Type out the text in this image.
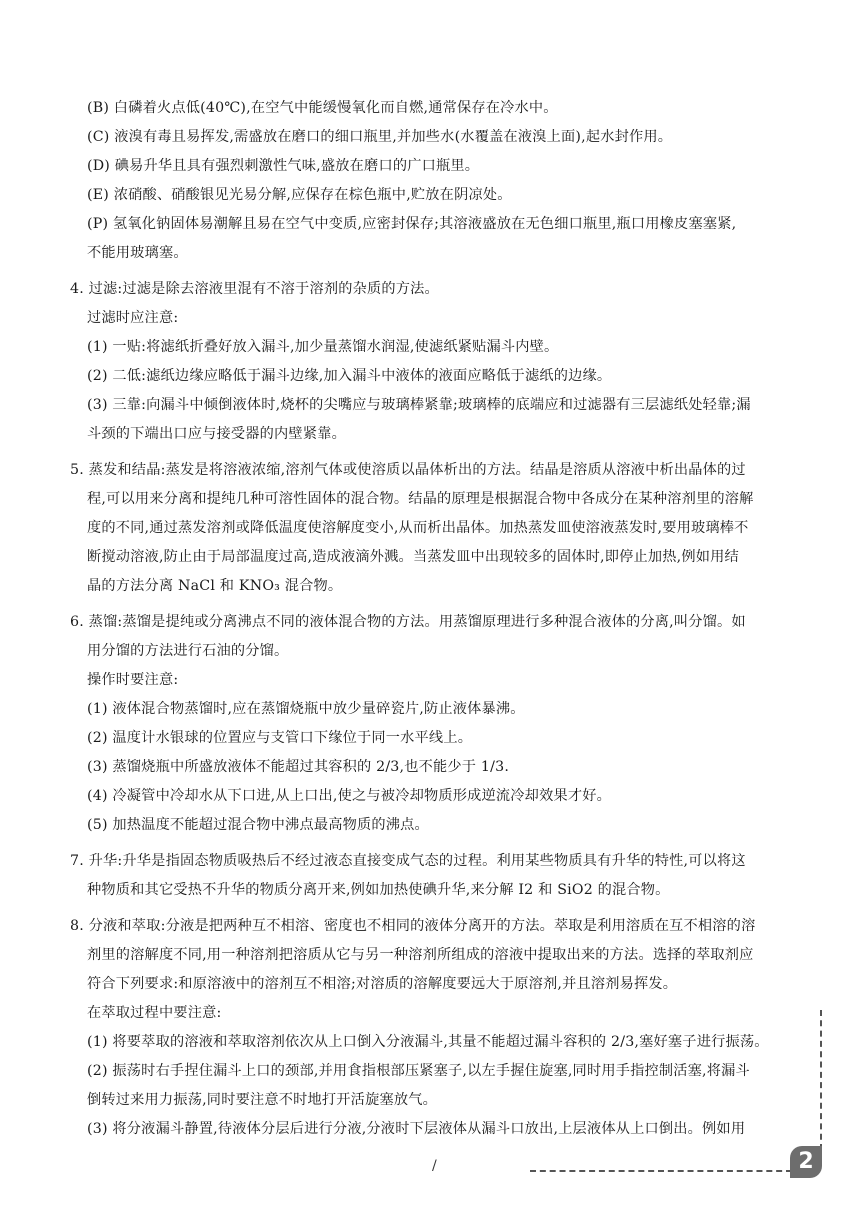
(B) 白磷着火点低(40℃),在空气中能缓慢氧化而自燃,通常保存在冷水中。
(C) 液溴有毒且易挥发,需盛放在磨口的细口瓶里,并加些水(水覆盖在液溴上面),起水封作用。
(D) 碘易升华且具有强烈刺激性气味,盛放在磨口的广口瓶里。
(E) 浓硝酸、硝酸银见光易分解,应保存在棕色瓶中,贮放在阴凉处。
(P) 氢氧化钠固体易潮解且易在空气中变质,应密封保存;其溶液盛放在无色细口瓶里,瓶口用橡皮塞塞紧,
不能用玻璃塞。
4. 过滤:过滤是除去溶液里混有不溶于溶剂的杂质的方法。
过滤时应注意:
(1) 一贴:将滤纸折叠好放入漏斗,加少量蒸馏水润湿,使滤纸紧贴漏斗内壁。
(2) 二低:滤纸边缘应略低于漏斗边缘,加入漏斗中液体的液面应略低于滤纸的边缘。
(3) 三靠:向漏斗中倾倒液体时,烧杯的尖嘴应与玻璃棒紧靠;玻璃棒的底端应和过滤器有三层滤纸处轻靠;漏
斗颈的下端出口应与接受器的内壁紧靠。
5. 蒸发和结晶:蒸发是将溶液浓缩,溶剂气体或使溶质以晶体析出的方法。结晶是溶质从溶液中析出晶体的过
程,可以用来分离和提纯几种可溶性固体的混合物。结晶的原理是根据混合物中各成分在某种溶剂里的溶解
度的不同,通过蒸发溶剂或降低温度使溶解度变小,从而析出晶体。加热蒸发皿使溶液蒸发时,要用玻璃棒不
断搅动溶液,防止由于局部温度过高,造成液滴外溅。当蒸发皿中出现较多的固体时,即停止加热,例如用结
晶的方法分离 NaCl 和 KNO₃ 混合物。
6. 蒸馏:蒸馏是提纯或分离沸点不同的液体混合物的方法。用蒸馏原理进行多种混合液体的分离,叫分馏。如
用分馏的方法进行石油的分馏。
操作时要注意:
(1) 液体混合物蒸馏时,应在蒸馏烧瓶中放少量碎瓷片,防止液体暴沸。
(2) 温度计水银球的位置应与支管口下缘位于同一水平线上。
(3) 蒸馏烧瓶中所盛放液体不能超过其容积的 2/3,也不能少于 1/3.
(4) 冷凝管中冷却水从下口进,从上口出,使之与被冷却物质形成逆流冷却效果才好。
(5) 加热温度不能超过混合物中沸点最高物质的沸点。
7. 升华:升华是指固态物质吸热后不经过液态直接变成气态的过程。利用某些物质具有升华的特性,可以将这
种物质和其它受热不升华的物质分离开来,例如加热使碘升华,来分解 I2 和 SiO2 的混合物。
8. 分液和萃取:分液是把两种互不相溶、密度也不相同的液体分离开的方法。萃取是利用溶质在互不相溶的溶
剂里的溶解度不同,用一种溶剂把溶质从它与另一种溶剂所组成的溶液中提取出来的方法。选择的萃取剂应
符合下列要求:和原溶液中的溶剂互不相溶;对溶质的溶解度要远大于原溶剂,并且溶剂易挥发。
在萃取过程中要注意:
(1) 将要萃取的溶液和萃取溶剂依次从上口倒入分液漏斗,其量不能超过漏斗容积的 2/3,塞好塞子进行振荡。
(2) 振荡时右手捏住漏斗上口的颈部,并用食指根部压紧塞子,以左手握住旋塞,同时用手指控制活塞,将漏斗
倒转过来用力振荡,同时要注意不时地打开活旋塞放气。
(3) 将分液漏斗静置,待液体分层后进行分液,分液时下层液体从漏斗口放出,上层液体从上口倒出。例如用
/	2
